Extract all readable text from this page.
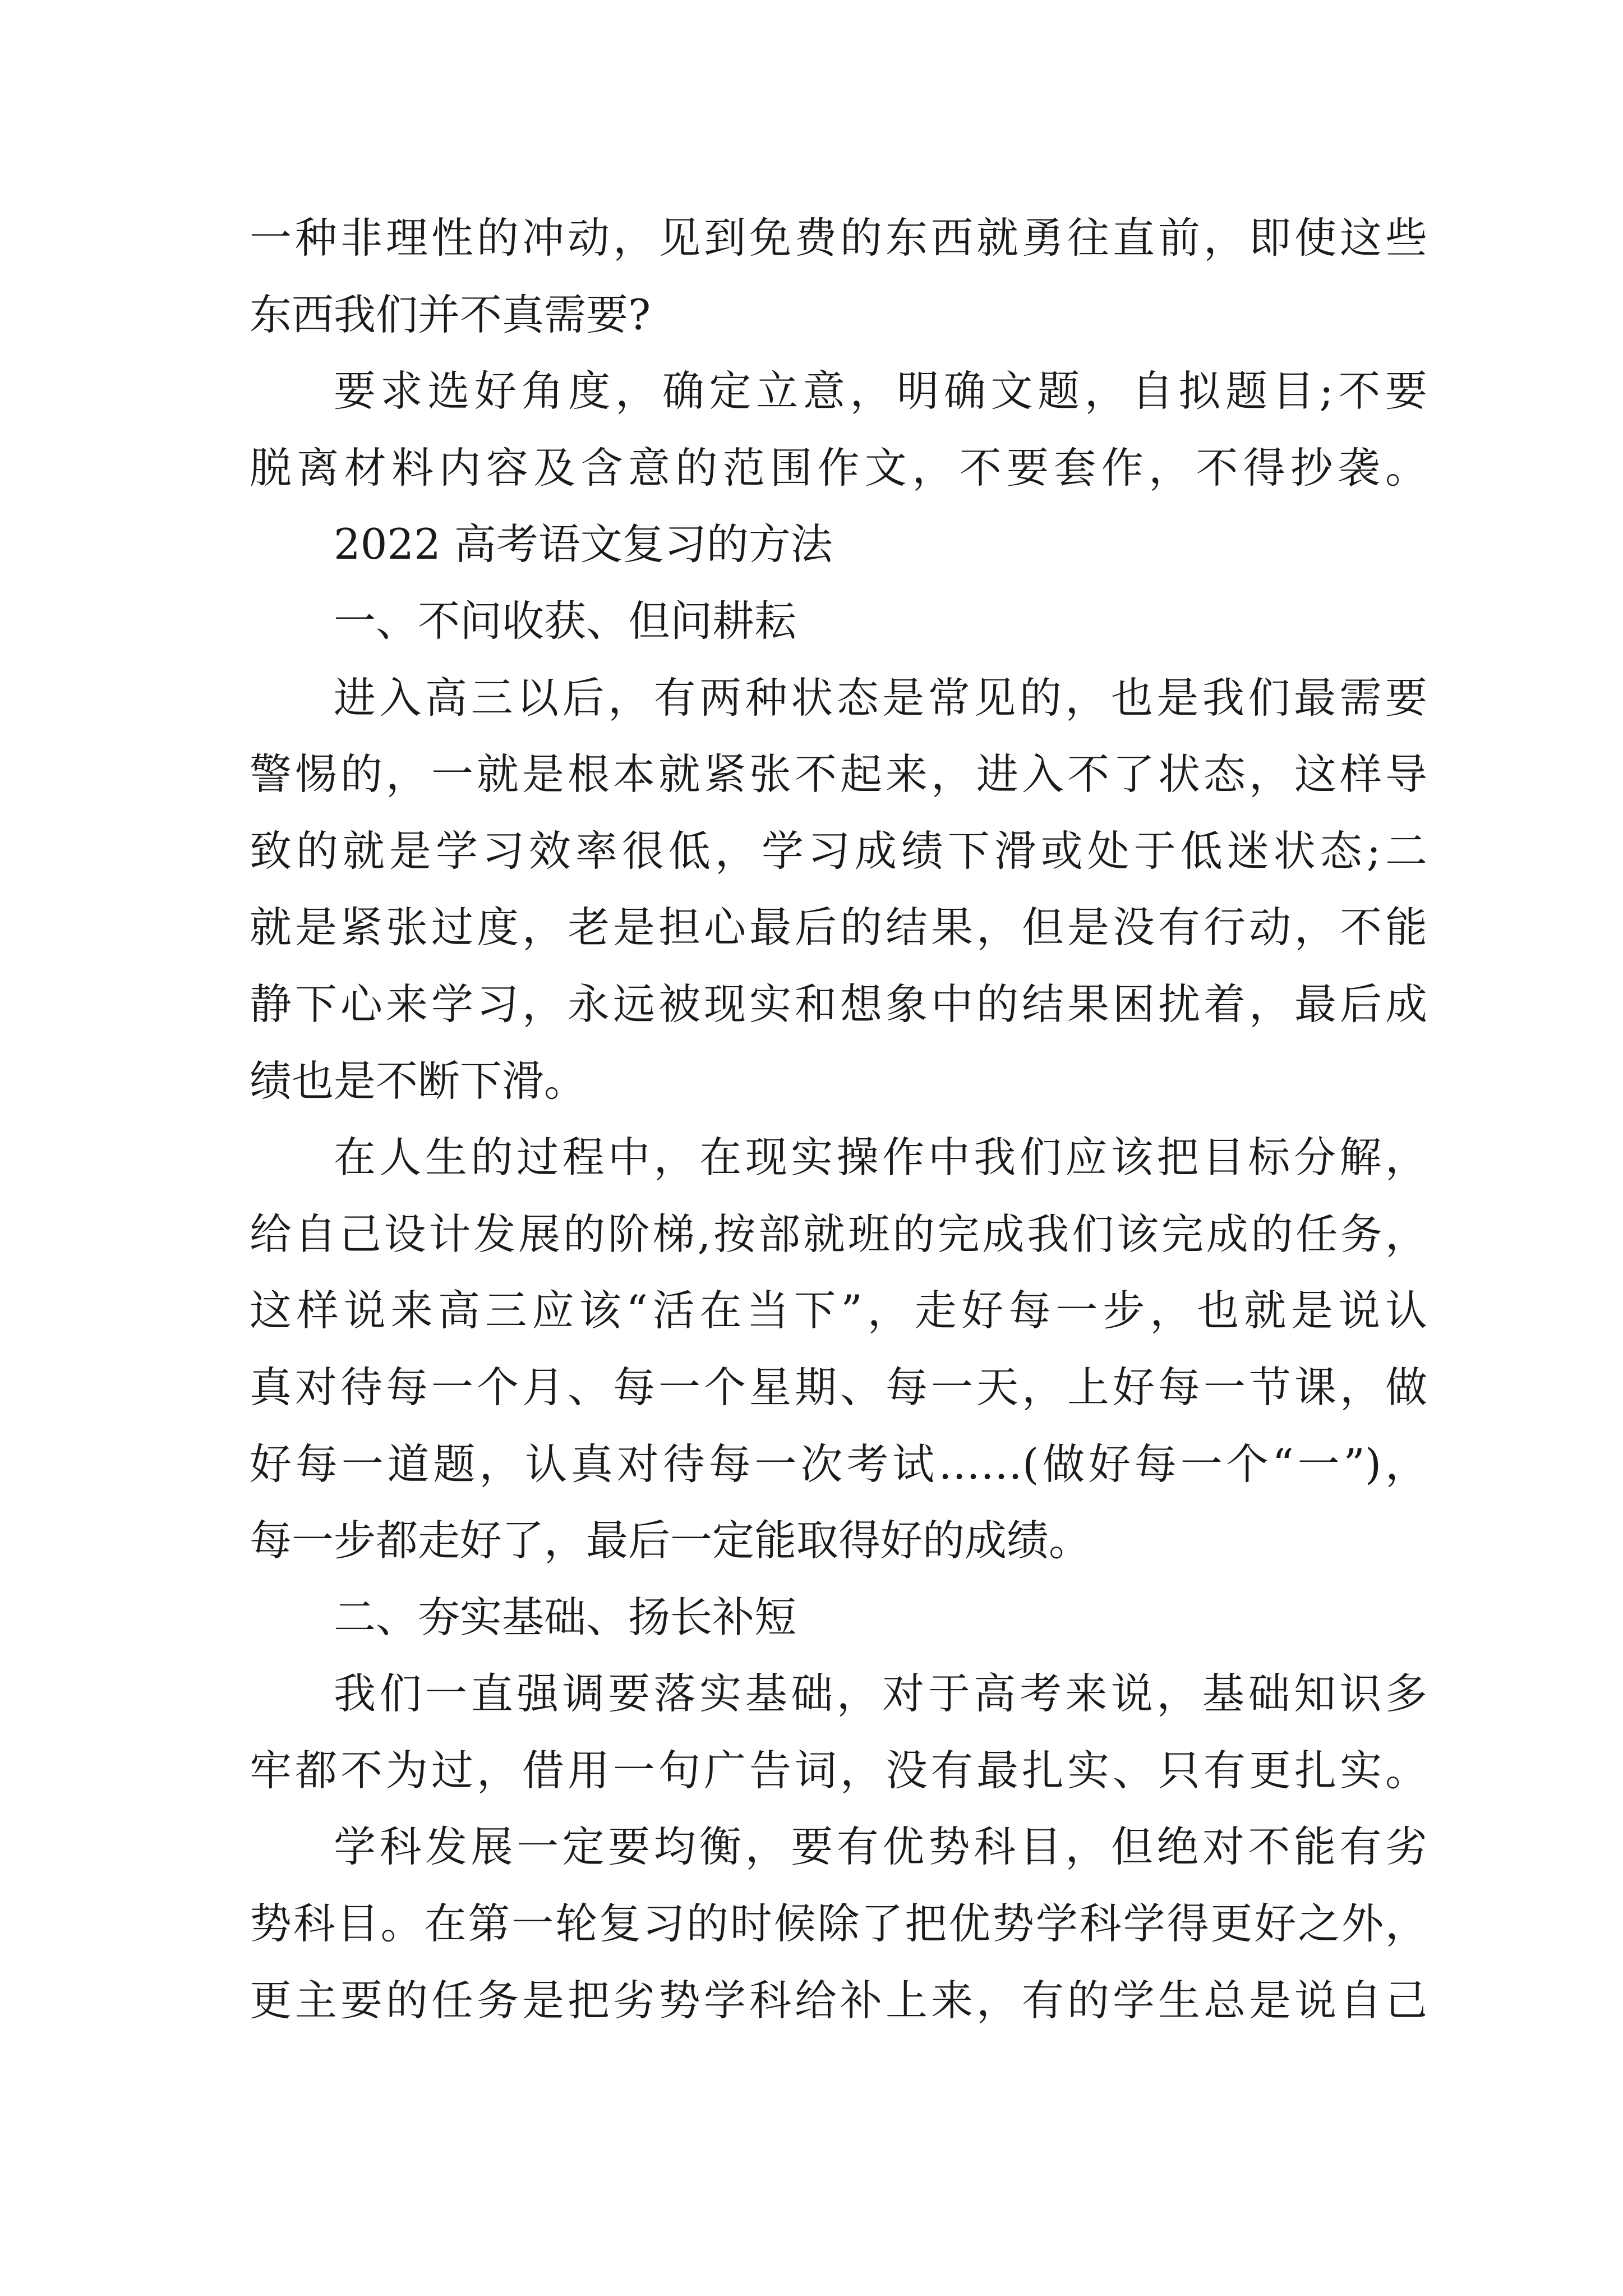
一种非理性的冲动，见到免费的东西就勇往直前，即使这些
东西我们并不真需要?
要求选好角度，确定立意，明确文题，自拟题目;不要
脱离材料内容及含意的范围作文，不要套作，不得抄袭。
2022 高考语文复习的方法
一、不问收获、但问耕耘
进入高三以后，有两种状态是常见的，也是我们最需要
警惕的，一就是根本就紧张不起来，进入不了状态，这样导
致的就是学习效率很低，学习成绩下滑或处于低迷状态;二
就是紧张过度，老是担心最后的结果，但是没有行动，不能
静下心来学习，永远被现实和想象中的结果困扰着，最后成
绩也是不断下滑。
在人生的过程中，在现实操作中我们应该把目标分解，
给自己设计发展的阶梯,按部就班的完成我们该完成的任务，
这样说来高三应该“活在当下”，走好每一步，也就是说认
真对待每一个月、每一个星期、每一天，上好每一节课，做
好每一道题，认真对待每一次考试……(做好每一个“一”)，
每一步都走好了，最后一定能取得好的成绩。
二、夯实基础、扬长补短
我们一直强调要落实基础，对于高考来说，基础知识多
牢都不为过，借用一句广告词，没有最扎实、只有更扎实。
学科发展一定要均衡，要有优势科目，但绝对不能有劣
势科目。在第一轮复习的时候除了把优势学科学得更好之外，
更主要的任务是把劣势学科给补上来，有的学生总是说自己
